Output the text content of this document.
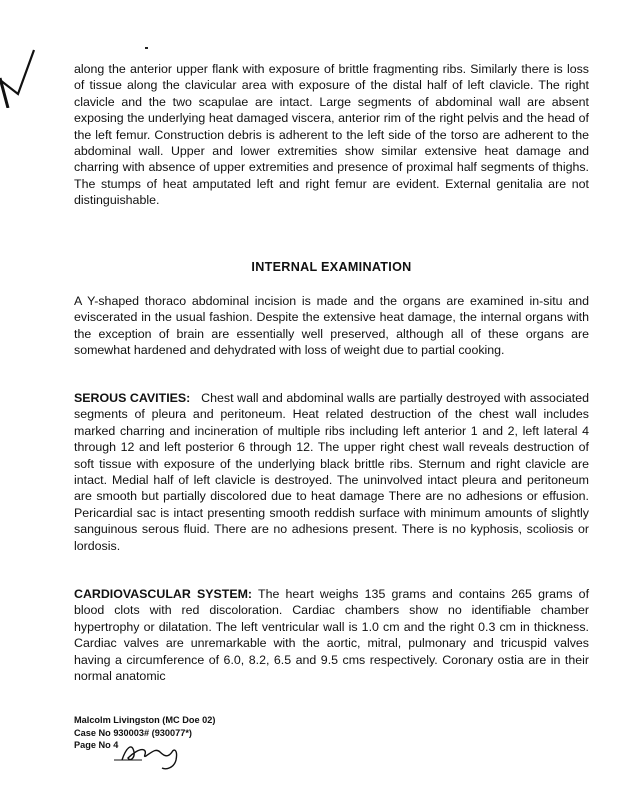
along the anterior upper flank with exposure of brittle fragmenting ribs. Similarly there is loss of tissue along the clavicular area with exposure of the distal half of left clavicle. The right clavicle and the two scapulae are intact. Large segments of abdominal wall are absent exposing the underlying heat damaged viscera, anterior rim of the right pelvis and the head of the left femur. Construction debris is adherent to the left side of the torso are adherent to the abdominal wall. Upper and lower extremities show similar extensive heat damage and charring with absence of upper extremities and presence of proximal half segments of thighs. The stumps of heat amputated left and right femur are evident. External genitalia are not distinguishable.

INTERNAL EXAMINATION

A Y-shaped thoraco abdominal incision is made and the organs are examined in-situ and eviscerated in the usual fashion. Despite the extensive heat damage, the internal organs with the exception of brain are essentially well preserved, although all of these organs are somewhat hardened and dehydrated with loss of weight due to partial cooking.

SEROUS CAVITIES: Chest wall and abdominal walls are partially destroyed with associated segments of pleura and peritoneum. Heat related destruction of the chest wall includes marked charring and incineration of multiple ribs including left anterior 1 and 2, left lateral 4 through 12 and left posterior 6 through 12. The upper right chest wall reveals destruction of soft tissue with exposure of the underlying black brittle ribs. Sternum and right clavicle are intact. Medial half of left clavicle is destroyed. The uninvolved intact pleura and peritoneum are smooth but partially discolored due to heat damage There are no adhesions or effusion. Pericardial sac is intact presenting smooth reddish surface with minimum amounts of slightly sanguinous serous fluid. There are no adhesions present. There is no kyphosis, scoliosis or lordosis.

CARDIOVASCULAR SYSTEM: The heart weighs 135 grams and contains 265 grams of blood clots with red discoloration. Cardiac chambers show no identifiable chamber hypertrophy or dilatation. The left ventricular wall is 1.0 cm and the right 0.3 cm in thickness. Cardiac valves are unremarkable with the aortic, mitral, pulmonary and tricuspid valves having a circumference of 6.0, 8.2, 6.5 and 9.5 cms respectively. Coronary ostia are in their normal anatomic

Malcolm Livingston (MC Doe 02)
Case No 930003# (930077*)
Page No 4
